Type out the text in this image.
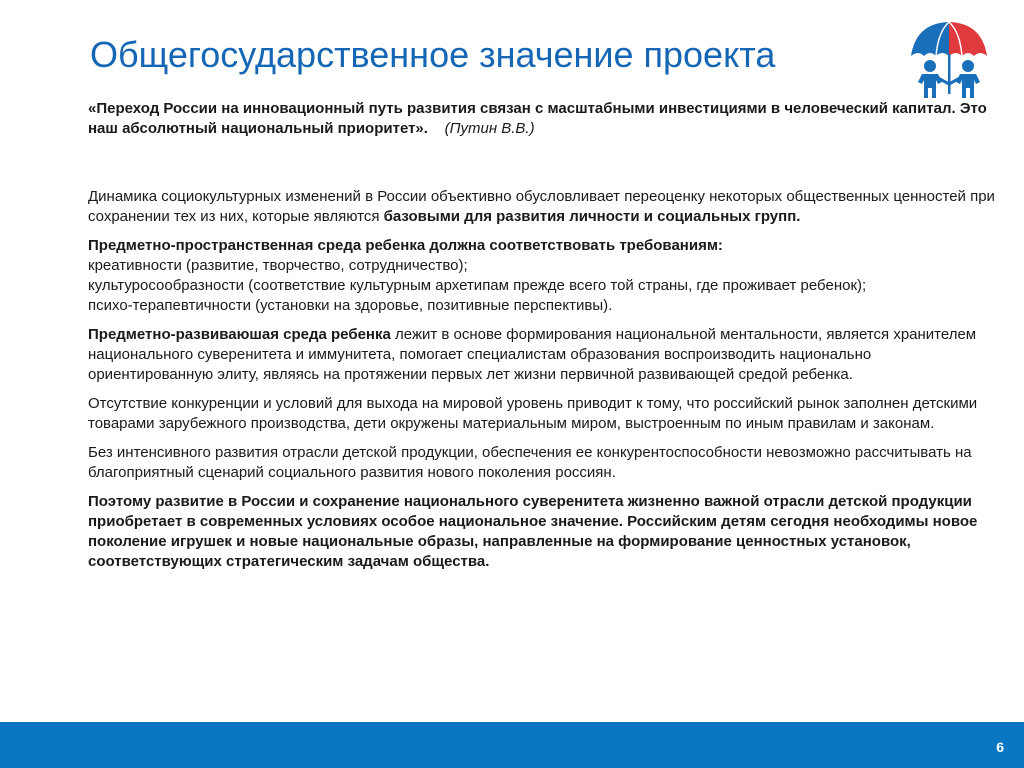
Общегосударственное значение проекта

«Переход России на инновационный путь развития связан с масштабными инвестициями в человеческий капитал. Это наш абсолютный национальный приоритет». (Путин В.В.)

Динамика социокультурных изменений в России объективно обусловливает переоценку некоторых общественных ценностей при сохранении тех из них, которые являются базовыми для развития личности и социальных групп.

Предметно-пространственная среда ребенка должна соответствовать требованиям:

креативности (развитие, творчество, сотрудничество);

культуросообразности (соответствие культурным архетипам прежде всего той страны, где проживает ребенок);

психо-терапевтичности (установки на здоровье, позитивные перспективы).

Предметно-развиваюшая среда ребенка лежит в основе формирования национальной ментальности, является хранителем национального суверенитета и иммунитета, помогает специалистам образования воспроизводить национально ориентированную элиту, являясь на протяжении первых лет жизни первичной развивающей средой ребенка.

Отсутствие конкуренции и условий для выхода на мировой уровень приводит к тому, что российский рынок заполнен детскими товарами зарубежного производства, дети окружены материальным миром, выстроенным по иным правилам и законам.

Без интенсивного развития отрасли детской продукции, обеспечения ее конкурентоспособности невозможно рассчитывать на благоприятный сценарий социального развития нового поколения россиян.

Поэтому развитие в России и сохранение национального суверенитета жизненно важной отрасли детской продукции приобретает в современных условиях особое национальное значение. Российским детям сегодня необходимы новое поколение игрушек и новые национальные образы, направленные на формирование ценностных установок, соответствующих стратегическим задачам общества.

6
